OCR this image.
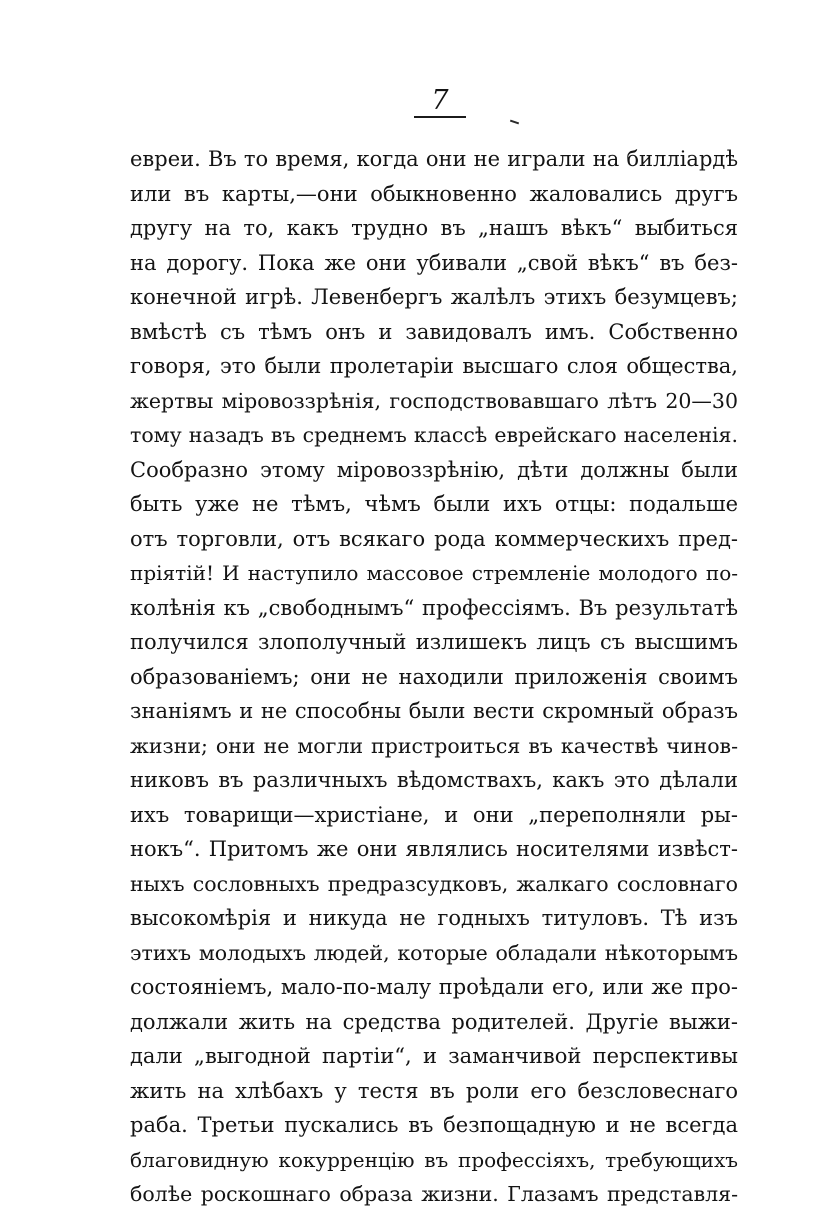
7
евреи. Въ то время, когда они не играли на билліардѣ
или въ карты,—они обыкновенно жаловались другъ
другу на то, какъ трудно въ „нашъ вѣкъ“ выбиться
на дорогу. Пока же они убивали „свой вѣкъ“ въ без-
конечной игрѣ. Левенбергъ жалѣлъ этихъ безумцевъ;
вмѣстѣ съ тѣмъ онъ и завидовалъ имъ. Собственно
говоря, это были пролетаріи высшаго слоя общества,
жертвы міровоззрѣнія, господствовавшаго лѣтъ 20—30
тому назадъ въ среднемъ классѣ еврейскаго населенія.
Сообразно этому міровоззрѣнію, дѣти должны были
быть уже не тѣмъ, чѣмъ были ихъ отцы: подальше
отъ торговли, отъ всякаго рода коммерческихъ пред-
пріятій! И наступило массовое стремленіе молодого по-
колѣнія къ „свободнымъ“ профессіямъ. Въ результатѣ
получился злополучный излишекъ лицъ съ высшимъ
образованіемъ; они не находили приложенія своимъ
знаніямъ и не способны были вести скромный образъ
жизни; они не могли пристроиться въ качествѣ чинов-
никовъ въ различныхъ вѣдомствахъ, какъ это дѣлали
ихъ товарищи—христіане, и они „переполняли ры-
нокъ“. Притомъ же они являлись носителями извѣст-
ныхъ сословныхъ предразсудковъ, жалкаго сословнаго
высокомѣрія и никуда не годныхъ титуловъ. Тѣ изъ
этихъ молодыхъ людей, которые обладали нѣкоторымъ
состояніемъ, мало-по-малу проѣдали его, или же про-
должали жить на средства родителей. Другіе выжи-
дали „выгодной партіи“, и заманчивой перспективы
жить на хлѣбахъ у тестя въ роли его безсловеснаго
раба. Третьи пускались въ безпощадную и не всегда
благовидную кокурренцію въ профессіяхъ, требующихъ
болѣе роскошнаго образа жизни. Глазамъ представля-
